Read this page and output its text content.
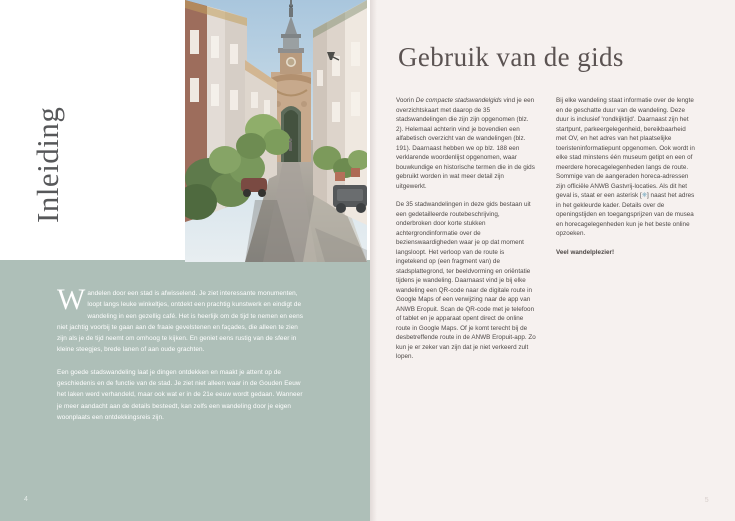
Inleiding

Wandelen door een stad is afwisselend. Je ziet interessante monumenten, loopt langs leuke winkeltjes, ontdekt een prachtig kunstwerk en eindigt de wandeling in een gezellig café. Het is heerlijk om de tijd te nemen en eens niet jachtig voorbij te gaan aan de fraaie gevelstenen en façades, die alleen te zien zijn als je de tijd neemt om omhoog te kijken. En geniet eens rustig van de sfeer in kleine steegjes, brede lanen of aan oude grachten.

Een goede stadswandeling laat je dingen ontdekken en maakt je attent op de geschiedenis en de functie van de stad. Je ziet niet alleen waar in de Gouden Eeuw het laken werd verhandeld, maar ook wat er in de 21e eeuw wordt gedaan. Wanneer je meer aandacht aan de details besteedt, kan zelfs een wandeling door je eigen woonplaats een ontdekkingsreis zijn.

4
Gebruik van de gids

Voorin De compacte stadswandelgids vind je een overzichtskaart met daarop de 35 stadswandelingen die zijn zijn opgenomen (blz. 2). Helemaal achterin vind je bovendien een alfabetisch overzicht van de wandelingen (blz. 191). Daarnaast hebben we op blz. 188 een verklarende woordenlijst opgenomen, waar bouwkundige en historische termen die in de gids gebruikt worden in wat meer detail zijn uitgewerkt.

De 35 stadwandelingen in deze gids bestaan uit een gedetailleerde routebeschrijving, onderbroken door korte stukken achtergrondinformatie over de bezienswaardigheden waar je op dat moment langsloopt. Het verloop van de route is ingetekend op (een fragment van) de stadsplattegrond, ter beeldvorming en oriëntatie tijdens je wandeling. Daarnaast vind je bij elke wandeling een QR-code naar de digitale route in Google Maps of een verwijzing naar de app van ANWB Eropuit. Scan de QR-code met je telefoon of tablet en je apparaat opent direct de online route in Google Maps. Of je komt terecht bij de desbetreffende route in de ANWB Eropuit-app. Zo kun je er zeker van zijn dat je niet verkeerd zult lopen.

Bij elke wandeling staat informatie over de lengte en de geschatte duur van de wandeling. Deze duur is inclusief 'rondkijktijd'. Daarnaast zijn het startpunt, parkeergelegenheid, bereikbaarheid met OV, en het adres van het plaatselijke toeristeninformatiepunt opgenomen. Ook wordt in elke stad minstens één museum getipt en een of meerdere horecagelegenheden langs de route. Sommige van de aangeraden horeca-adressen zijn officiële ANWB Gastvrij-locaties. Als dit het geval is, staat er een asterisk [✳] naast het adres in het gekleurde kader. Details over de openingstijden en toegangsprijzen van de musea en horecagelegenheden kun je het beste online opzoeken.

Veel wandelplezier!

5
